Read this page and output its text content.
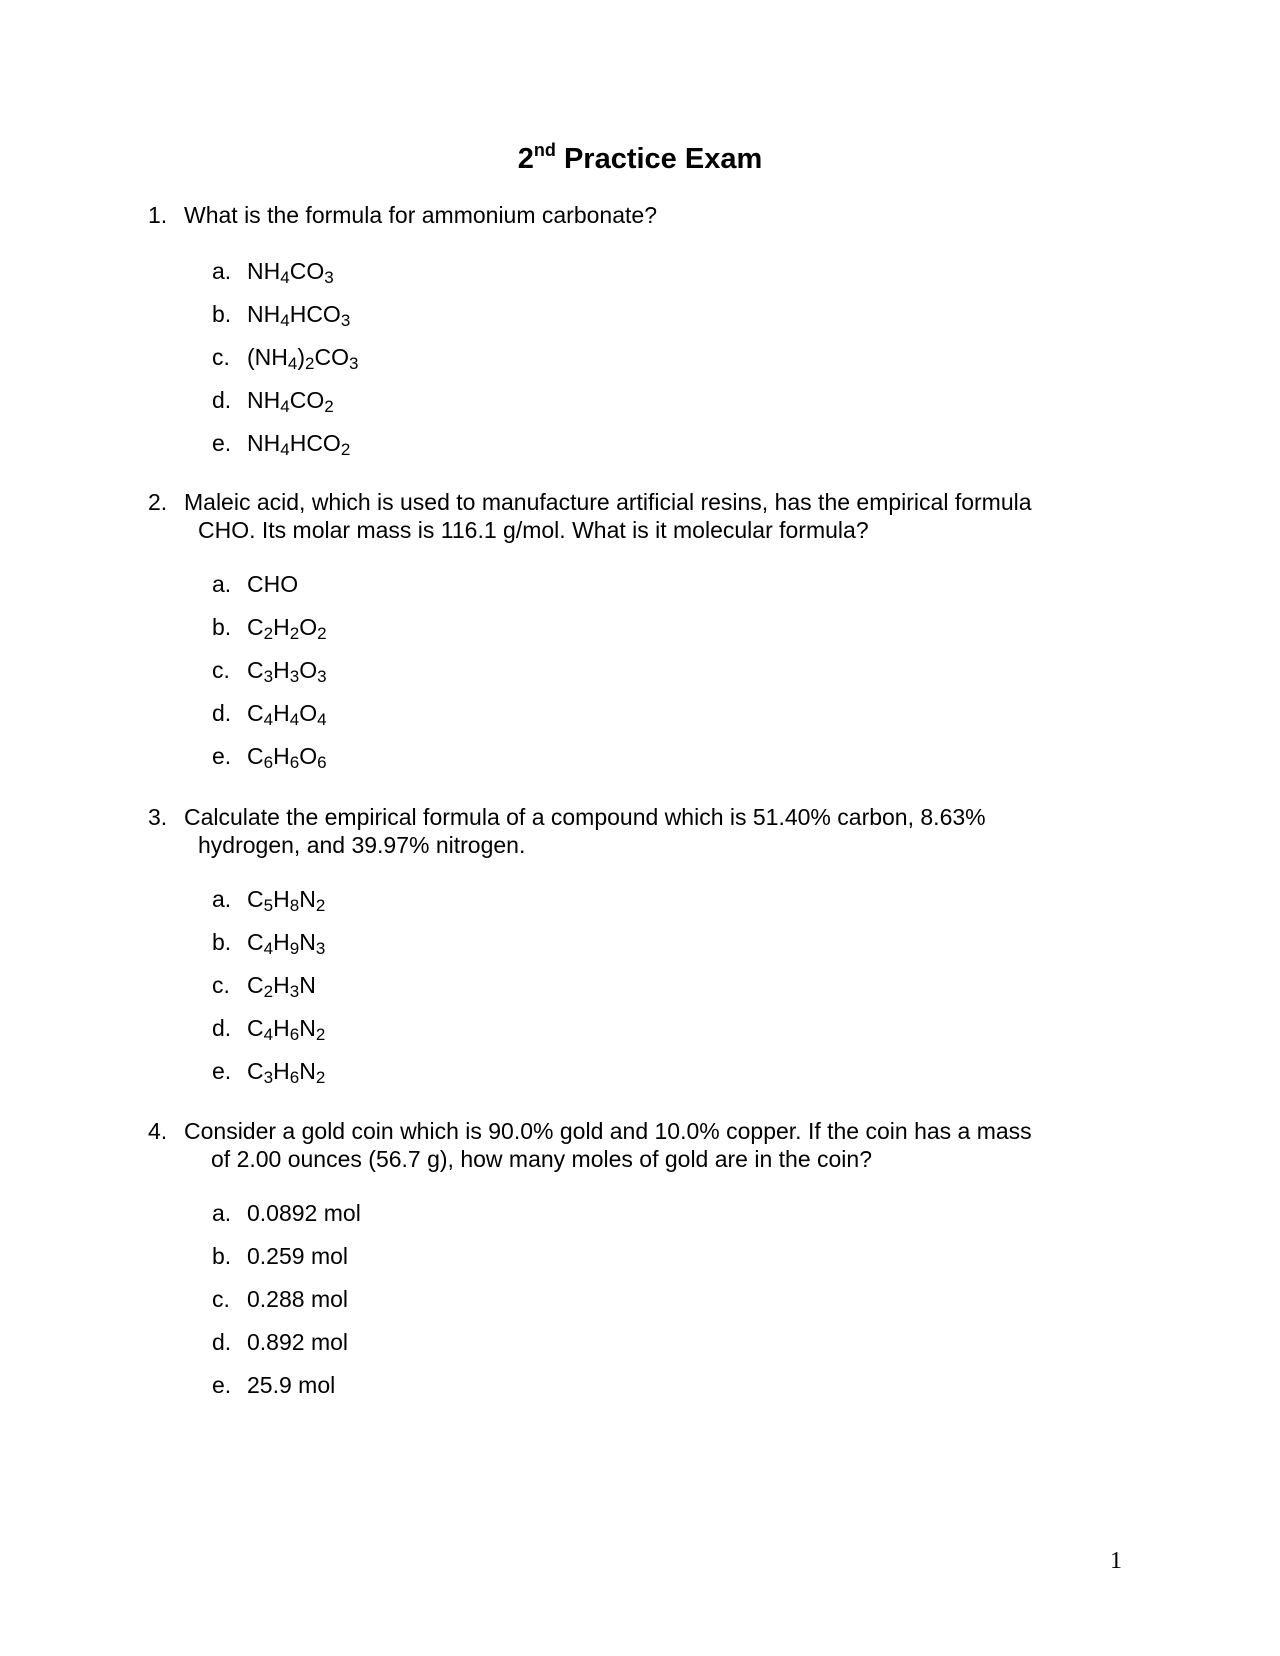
2nd Practice Exam
1. What is the formula for ammonium carbonate?
a. $NH_4CO_3$
b. $NH_4HCO_3$
c. $(NH_4)_2CO_3$
d. $NH_4CO_2$
e. $NH_4HCO_2$
2. Maleic acid, which is used to manufacture artificial resins, has the empirical formula
CHO. Its molar mass is 116.1 g/mol. What is it molecular formula?
a. CHO
b. $C_2H_2O_2$
c. $C_3H_3O_3$
d. $C_4H_4O_4$
e. $C_6H_6O_6$
3. Calculate the empirical formula of a compound which is 51.40% carbon, 8.63%
hydrogen, and 39.97% nitrogen.
a. $C_5H_8N_2$
b. $C_4H_9N_3$
c. $C_2H_3N$
d. $C_4H_6N_2$
e. $C_3H_6N_2$
4. Consider a gold coin which is 90.0% gold and 10.0% copper. If the coin has a mass
of 2.00 ounces (56.7 g), how many moles of gold are in the coin?
a. 0.0892 mol
b. 0.259 mol
c. 0.288 mol
d. 0.892 mol
e. 25.9 mol
1
